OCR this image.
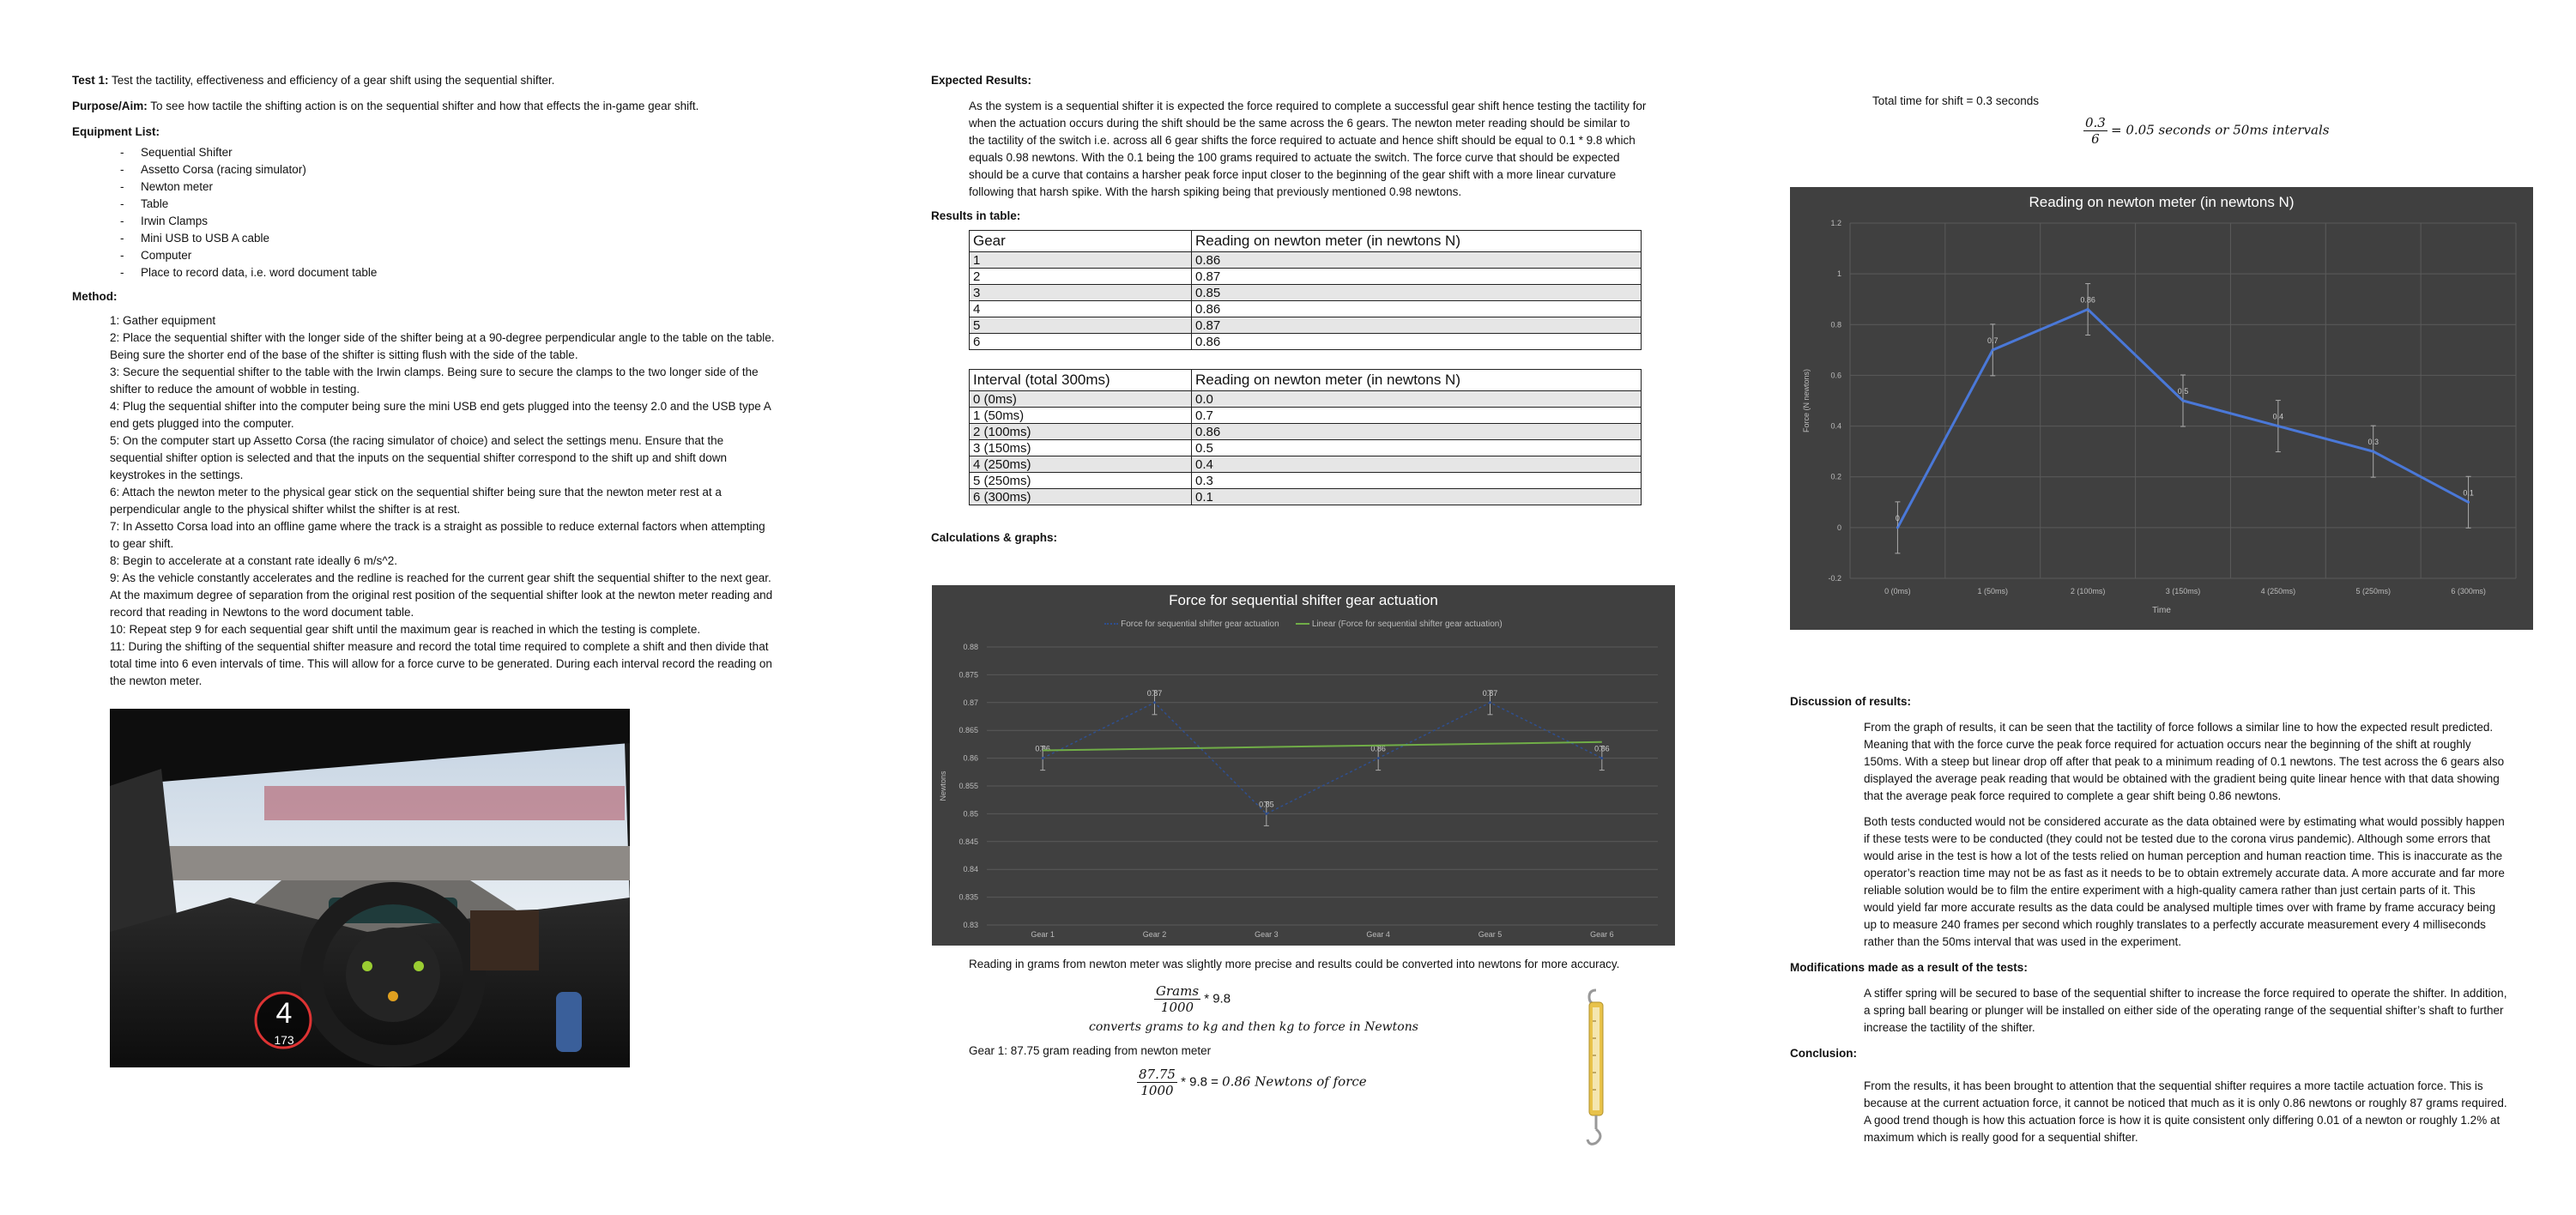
Test 1: Test the tactility, effectiveness and efficiency of a gear shift using the sequential shifter.

Purpose/Aim: To see how tactile the shifting action is on the sequential shifter and how that effects the in-game gear shift.

Equipment List:

- Sequential Shifter
- Assetto Corsa (racing simulator)
- Newton meter
- Table
- Irwin Clamps
- Mini USB to USB A cable
- Computer
- Place to record data, i.e. word document table

Method:

1: Gather equipment

2: Place the sequential shifter with the longer side of the shifter being at a 90-degree perpendicular angle to the table on the table. Being sure the shorter end of the base of the shifter is sitting flush with the side of the table.

3: Secure the sequential shifter to the table with the Irwin clamps. Being sure to secure the clamps to the two longer side of the shifter to reduce the amount of wobble in testing.

4: Plug the sequential shifter into the computer being sure the mini USB end gets plugged into the teensy 2.0 and the USB type A end gets plugged into the computer.

5: On the computer start up Assetto Corsa (the racing simulator of choice) and select the settings menu. Ensure that the sequential shifter option is selected and that the inputs on the sequential shifter correspond to the shift up and shift down keystrokes in the settings.

6: Attach the newton meter to the physical gear stick on the sequential shifter being sure that the newton meter rest at a perpendicular angle to the physical shifter whilst the shifter is at rest.

7: In Assetto Corsa load into an offline game where the track is a straight as possible to reduce external factors when attempting to gear shift.

8: Begin to accelerate at a constant rate ideally 6 m/s^2.

9: As the vehicle constantly accelerates and the redline is reached for the current gear shift the sequential shifter to the next gear. At the maximum degree of separation from the original rest position of the sequential shifter look at the newton meter reading and record that reading in Newtons to the word document table.

10: Repeat step 9 for each sequential gear shift until the maximum gear is reached in which the testing is complete.

11: During the shifting of the sequential shifter measure and record the total time required to complete a shift and then divide that total time into 6 even intervals of time. This will allow for a force curve to be generated. During each interval record the reading on the newton meter.

4
173

Expected Results:

As the system is a sequential shifter it is expected the force required to complete a successful gear shift hence testing the tactility for when the actuation occurs during the shift should be the same across the 6 gears. The newton meter reading should be similar to the tactility of the switch i.e. across all 6 gear shifts the force required to actuate and hence shift should be equal to 0.1 * 9.8 which equals 0.98 newtons. With the 0.1 being the 100 grams required to actuate the switch. The force curve that should be expected should be a curve that contains a harsher peak force input closer to the beginning of the gear shift with a more linear curvature following that harsh spike. With the harsh spiking being that previously mentioned 0.98 newtons.

Results in table:

Gear	Reading on newton meter (in newtons N)
1	0.86
2	0.87
3	0.85
4	0.86
5	0.87
6	0.86
Interval (total 300ms)	Reading on newton meter (in newtons N)
0 (0ms)	0.0
1 (50ms)	0.7
2 (100ms)	0.86
3 (150ms)	0.5
4 (250ms)	0.4
5 (250ms)	0.3
6 (300ms)	0.1

Calculations & graphs:

Force for sequential shifter gear actuation
Force for sequential shifter gear actuation	Linear (Force for sequential shifter gear actuation)
0.83
0.835
0.84
0.845
0.85
0.855
0.86
0.865
0.87
0.875
0.88
Gear 1	Gear 2	Gear 3	Gear 4	Gear 5	Gear 6
Newtons
0.86
0.87
0.85
0.86
0.87
0.86

Reading in grams from newton meter was slightly more precise and results could be converted into newtons for more accuracy.

$\frac{\text{Grams}}{1000} * 9.8$

converts grams to kg and then kg to force in Newtons

Gear 1: 87.75 gram reading from newton meter

$\frac{87.75}{1000} * 9.8 = 0.86$ Newtons of force

Total time for shift = 0.3 seconds

$\frac{0.3}{6} = 0.05$ seconds or 50ms intervals
Reading on newton meter (in newtons N)
-0.2
0
0.2
0.4
0.6
0.8
1
1.2
0 (0ms)	1 (50ms)	2 (100ms)	3 (150ms)	4 (250ms)	5 (250ms)	6 (300ms)
Force (N newtons)
0
0.7
0.86
0.5
0.4
0.3
0.1
Time

Discussion of results:

From the graph of results, it can be seen that the tactility of force follows a similar line to how the expected result predicted. Meaning that with the force curve the peak force required for actuation occurs near the beginning of the shift at roughly 150ms. With a steep but linear drop off after that peak to a minimum reading of 0.1 newtons. The test across the 6 gears also displayed the average peak reading that would be obtained with the gradient being quite linear hence with that data showing that the average peak force required to complete a gear shift being 0.86 newtons.

Both tests conducted would not be considered accurate as the data obtained were by estimating what would possibly happen if these tests were to be conducted (they could not be tested due to the corona virus pandemic). Although some errors that would arise in the test is how a lot of the tests relied on human perception and human reaction time. This is inaccurate as the operator’s reaction time may not be as fast as it needs to be to obtain extremely accurate data. A more accurate and far more reliable solution would be to film the entire experiment with a high-quality camera rather than just certain parts of it. This would yield far more accurate results as the data could be analysed multiple times over with frame by frame accuracy being up to measure 240 frames per second which roughly translates to a perfectly accurate measurement every 4 milliseconds rather than the 50ms interval that was used in the experiment.

Modifications made as a result of the tests:

A stiffer spring will be secured to base of the sequential shifter to increase the force required to operate the shifter. In addition, a spring ball bearing or plunger will be installed on either side of the operating range of the sequential shifter’s shaft to further increase the tactility of the shifter.

Conclusion:

From the results, it has been brought to attention that the sequential shifter requires a more tactile actuation force. This is because at the current actuation force, it cannot be noticed that much as it is only 0.86 newtons or roughly 87 grams required. A good trend though is how this actuation force is how it is quite consistent only differing 0.01 of a newton or roughly 1.2% at maximum which is really good for a sequential shifter.
